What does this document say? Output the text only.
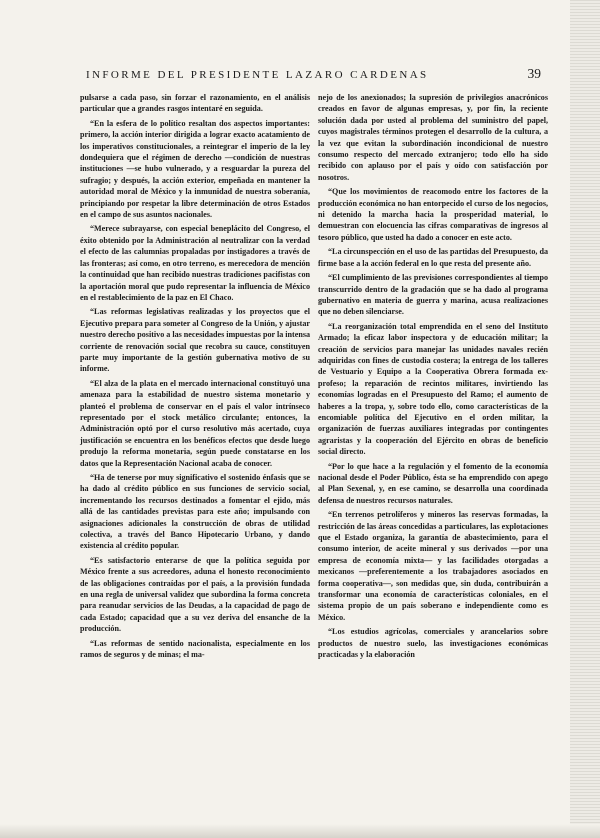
INFORME DEL PRESIDENTE LAZARO CARDENAS	39

pulsarse a cada paso, sin forzar el razonamiento, en el análisis particular que a grandes rasgos intentaré en seguida.

“En la esfera de lo político resaltan dos aspectos importantes: primero, la acción interior dirigida a lograr exacto acatamiento de los imperativos constitucionales, a reintegrar el imperio de la ley dondequiera que el régimen de derecho —condición de nuestras instituciones —se hubo vulnerado, y a resguardar la pureza del sufragio; y después, la acción exterior, empeñada en mantener la autoridad moral de México y la inmunidad de nuestra soberanía, principiando por respetar la libre determinación de otros Estados en el campo de sus asuntos nacionales.

“Merece subrayarse, con especial beneplácito del Congreso, el éxito obtenido por la Administración al neutralizar con la verdad el efecto de las calumnias propaladas por instigadores a través de las fronteras; así como, en otro terreno, es merecedora de mención la continuidad que han recibido nuestras tradiciones pacifistas con la aportación moral que pudo representar la influencia de México en el restablecimiento de la paz en El Chaco.

“Las reformas legislativas realizadas y los proyectos que el Ejecutivo prepara para someter al Congreso de la Unión, y ajustar nuestro derecho positivo a las necesidades impuestas por la intensa corriente de renovación social que recobra su cauce, constituyen parte muy importante de la gestión gubernativa motivo de su informe.

“El alza de la plata en el mercado internacional constituyó una amenaza para la estabilidad de nuestro sistema monetario y planteó el problema de conservar en el país el valor intrínseco representado por el stock metálico circulante; entonces, la Administración optó por el curso resolutivo más acertado, cuya justificación se encuentra en los benéficos efectos que desde luego produjo la reforma monetaria, según puede constatarse en los datos que la Representación Nacional acaba de conocer.

“Ha de tenerse por muy significativo el sostenido énfasis que se ha dado al crédito público en sus funciones de servicio social, incrementando los recursos destinados a fomentar el ejido, más allá de las cantidades previstas para este año; impulsando con asignaciones adicionales la construcción de obras de utilidad colectiva, a través del Banco Hipotecario Urbano, y dando existencia al crédito popular.

“Es satisfactorio enterarse de que la política seguida por México frente a sus acreedores, aduna el honesto reconocimiento de las obligaciones contraídas por el país, a la provisión fundada en una regla de universal validez que subordina la forma concreta para reanudar servicios de las Deudas, a la capacidad de pago de cada Estado; capacidad que a su vez deriva del ensanche de la producción.

“Las reformas de sentido nacionalista, especialmente en los ramos de seguros y de minas; el ma-

nejo de los anexionados; la supresión de privilegios anacrónicos creados en favor de algunas empresas, y, por fin, la reciente solución dada por usted al problema del suministro del papel, cuyos magistrales términos protegen el desarrollo de la cultura, a la vez que evitan la subordinación incondicional de nuestro consumo respecto del mercado extranjero; todo ello ha sido recibido con aplauso por el país y oído con satisfacción por nosotros.

“Que los movimientos de reacomodo entre los factores de la producción económica no han entorpecido el curso de los negocios, ni detenido la marcha hacia la prosperidad material, lo demuestran con elocuencia las cifras comparativas de ingresos al tesoro público, que usted ha dado a conocer en este acto.

“La circunspección en el uso de las partidas del Presupuesto, da firme base a la acción federal en lo que resta del presente año.

“El cumplimiento de las previsiones correspondientes al tiempo transcurrido dentro de la gradación que se ha dado al programa gubernativo en materia de guerra y marina, acusa realizaciones que no deben silenciarse.

“La reorganización total emprendida en el seno del Instituto Armado; la eficaz labor inspectora y de educación militar; la creación de servicios para manejar las unidades navales recién adquiridas con fines de custodia costera; la entrega de los talleres de Vestuario y Equipo a la Cooperativa Obrera formada ex-profeso; la reparación de recintos militares, invirtiendo las economías logradas en el Presupuesto del Ramo; el aumento de haberes a la tropa, y, sobre todo ello, como características de la encomiable política del Ejecutivo en el orden militar, la organización de fuerzas auxiliares integradas por contingentes agraristas y la cooperación del Ejército en obras de beneficio social directo.

“Por lo que hace a la regulación y el fomento de la economía nacional desde el Poder Público, ésta se ha emprendido con apego al Plan Sexenal, y, en ese camino, se desarrolla una coordinada defensa de nuestros recursos naturales.

“En terrenos petrolíferos y mineros las reservas formadas, la restricción de las áreas concedidas a particulares, las explotaciones que el Estado organiza, la garantía de abastecimiento, para el consumo interior, de aceite mineral y sus derivados —por una empresa de economía mixta— y las facilidades otorgadas a mexicanos —preferentemente a los trabajadores asociados en forma cooperativa—, son medidas que, sin duda, contribuirán a transformar una economía de características coloniales, en el sistema propio de un país soberano e independiente como es México.

“Los estudios agrícolas, comerciales y arancelarios sobre productos de nuestro suelo, las investigaciones económicas practicadas y la elaboración
